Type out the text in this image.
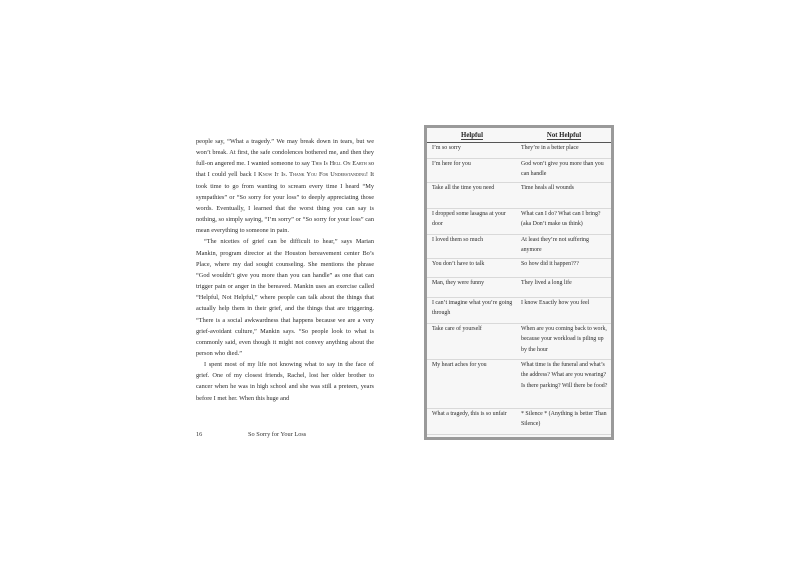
people say, “What a tragedy.” We may break down in tears, but we won’t break. At first, the safe condolences bothered me, and then they full-on angered me. I wanted someone to say This Is Hell On Earth so that I could yell back I Know It Is. Thank You For Understanding! It took time to go from wanting to scream every time I heard “My sympathies” or “So sorry for your loss” to deeply appreciating those words. Eventually, I learned that the worst thing you can say is nothing, so simply saying, “I’m sorry” or “So sorry for your loss” can mean everything to someone in pain.

“The niceties of grief can be difficult to hear,” says Marian Mankin, program director at the Houston bereavement center Bo’s Place, where my dad sought counseling. She mentions the phrase “God wouldn’t give you more than you can handle” as one that can trigger pain or anger in the bereaved. Mankin uses an exercise called “Helpful, Not Helpful,” where people can talk about the things that actually help them in their grief, and the things that are triggering. “There is a social awkwardness that happens because we are a very grief-avoidant culture,” Mankin says. “So people look to what is commonly said, even though it might not convey anything about the person who died.”

I spent most of my life not knowing what to say in the face of grief. One of my closest friends, Rachel, lost her older brother to cancer when he was in high school and she was still a preteen, years before I met her. When this huge and

16	So Sorry for Your Loss
Helpful	Not Helpful
I’m so sorry	They’re in a better place
I’m here for you	God won’t give you more than you can handle
Take all the time you need	Time heals all wounds
I dropped some lasagna at your door	What can I do? What can I bring? (aka Don’t make us think)
I loved them so much	At least they’re not suffering anymore
You don’t have to talk	So how did it happen???
Man, they were funny	They lived a long life
I can’t imagine what you’re going through	I know Exactly how you feel
Take care of yourself	When are you coming back to work, because your workload is piling up by the hour
My heart aches for you	What time is the funeral and what’s the address? What are you wearing? Is there parking? Will there be food?
What a tragedy, this is so unfair	* Silence * (Anything is better Than Silence)
